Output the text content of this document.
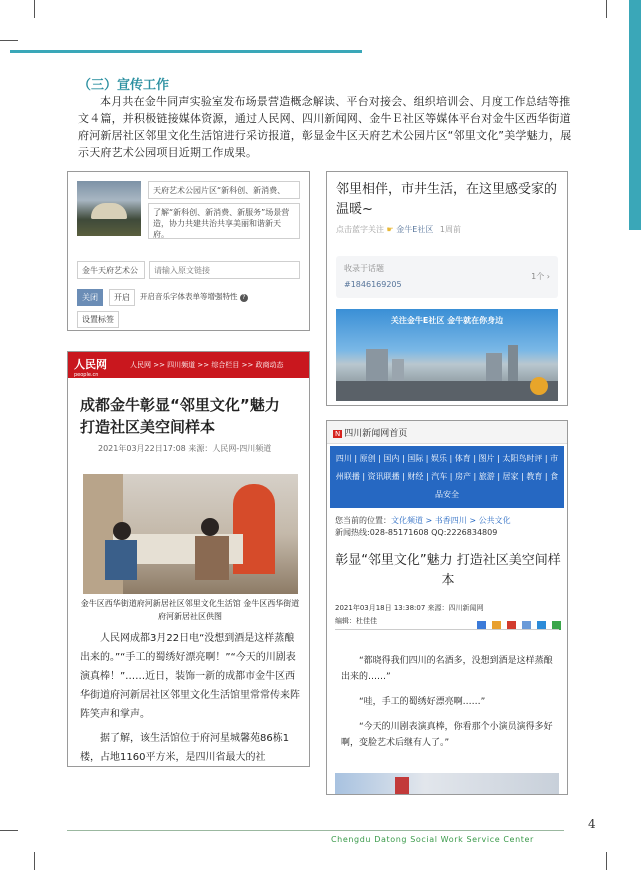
（三）宣传工作
本月共在金牛同声实验室发布场景营造概念解读、平台对接会、组织培训会、月度工作总结等推文４篇，并积极链接媒体资源，通过人民网、四川新闻网、金牛Ｅ社区等媒体平台对金牛区西华街道府河新居社区邻里文化生活馆进行采访报道，彰显金牛区天府艺术公园片区“邻里文化”美学魅力，展示天府艺术公园项目近期工作成果。
天府艺术公园片区“新科创、新消费、
了解“新科创、新消费、新服务”场景营造，协力共建共治共享美丽和谐新天府。
金牛天府艺术公
请输入原文链接
关闭	开启	开启音乐字体表单等增强特性 ?
设置标签
邻里相伴，市井生活，在这里感受家的温暖~
点击蓝字关注 ☛ 金牛E社区 1周前
收录于话题
#1846169205
1个 ›
关注金牛E社区 金牛就在你身边
人民网
people.cn
人民网 >> 四川频道 >> 综合栏目 >> 政商动态
成都金牛彰显“邻里文化”魅力 打造社区美空间样本
2021年03月22日17:08 来源：人民网-四川频道
金牛区西华街道府河新居社区邻里文化生活馆 金牛区西华街道府河新居社区供图

人民网成都3月22日电“没想到酒是这样蒸酿出来的。”“手工的蜀绣好漂亮啊！”“今天的川剧表演真棒！”……近日，装饰一新的成都市金牛区西华街道府河新居社区邻里文化生活馆里常常传来阵阵笑声和掌声。

据了解，该生活馆位于府河星城馨苑86栋1楼，占地1160平方米，是四川省最大的社

N 四川新闻网首页
四川 | 原创 | 国内 | 国际 | 娱乐 | 体育 | 图片 | 太阳鸟时评 | 市州联播 | 资讯联播 | 财经 | 汽车 | 房产 | 旅游 | 居家 | 教育 | 食品安全
您当前的位置：文化频道 > 书香四川 > 公共文化
新闻热线:028-85171608 QQ:2226834809
彰显“邻里文化”魅力 打造社区美空间样本
2021年03月18日 13:38:07 来源：四川新闻网
编辑：杜佳佳

“都晓得我们四川的名酒多，没想到酒是这样蒸酿出来的……”

“哇，手工的蜀绣好漂亮啊……”

“今天的川剧表演真棒，你看那个小演员演得多好啊，变脸艺术后继有人了。”

4
Chengdu Datong Social Work Service Center
